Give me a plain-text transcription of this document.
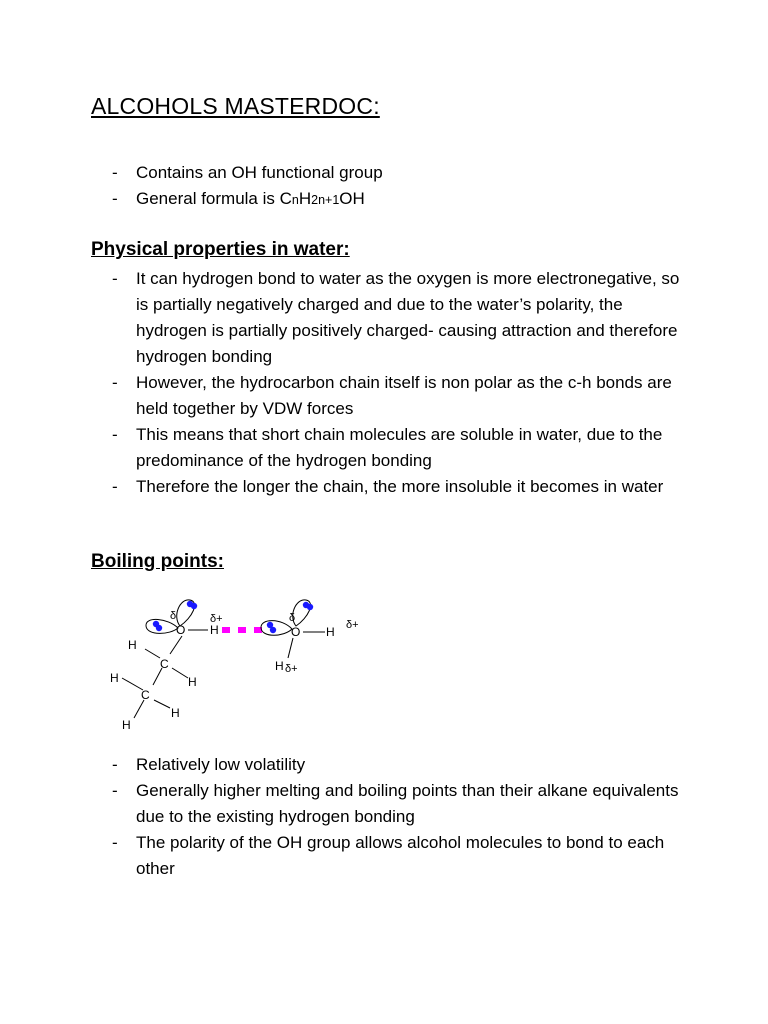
ALCOHOLS MASTERDOC:
- Contains an OH functional group
- General formula is CnH2n+1OH
Physical properties in water:
- It can hydrogen bond to water as the oxygen is more electronegative, so is partially negatively charged and due to the water’s polarity, the hydrogen is partially positively charged- causing attraction and therefore hydrogen bonding
- However, the hydrocarbon chain itself is non polar as the c-h bonds are held together by VDW forces
- This means that short chain molecules are soluble in water, due to the predominance of the hydrogen bonding
- Therefore the longer the chain, the more insoluble it becomes in water
Boiling points:
δ
O
δ+
H
H
C
H
H
C
H
H
δ
O H δ+
H δ+
- Relatively low volatility
- Generally higher melting and boiling points than their alkane equivalents due to the existing hydrogen bonding
- The polarity of the OH group allows alcohol molecules to bond to each other
